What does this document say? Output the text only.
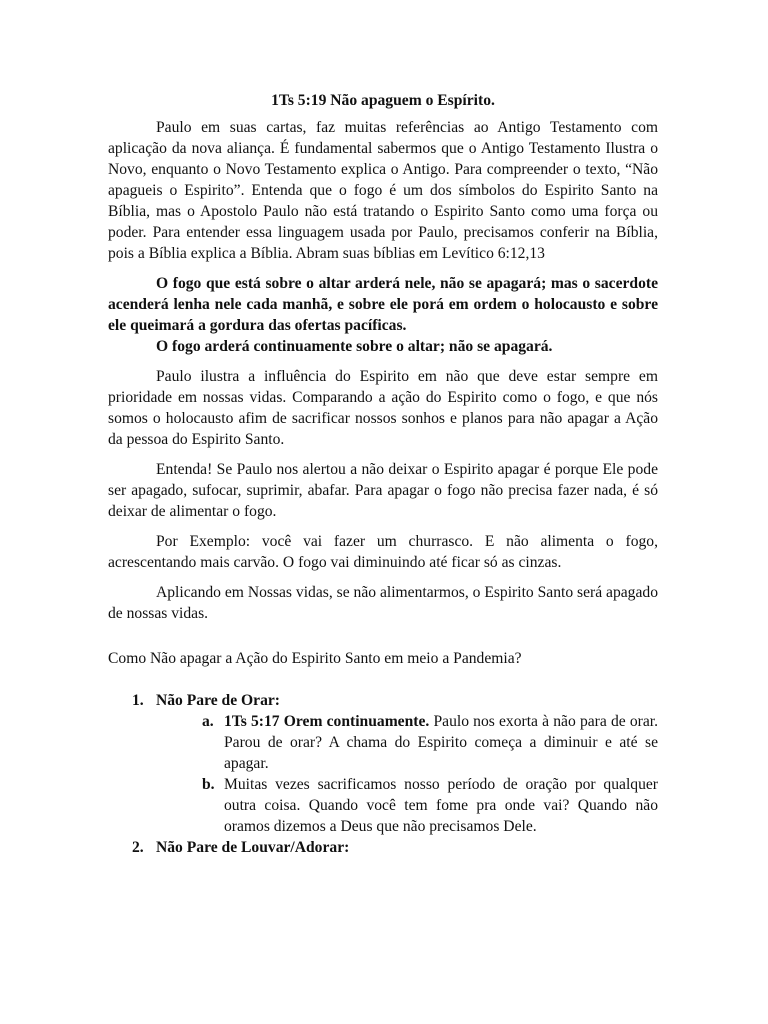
1Ts 5:19 Não apaguem o Espírito.

Paulo em suas cartas, faz muitas referências ao Antigo Testamento com aplicação da nova aliança. É fundamental sabermos que o Antigo Testamento Ilustra o Novo, enquanto o Novo Testamento explica o Antigo. Para compreender o texto, “Não apagueis o Espirito”. Entenda que o fogo é um dos símbolos do Espirito Santo na Bíblia, mas o Apostolo Paulo não está tratando o Espirito Santo como uma força ou poder. Para entender essa linguagem usada por Paulo, precisamos conferir na Bíblia, pois a Bíblia explica a Bíblia. Abram suas bíblias em Levítico 6:12,13

O fogo que está sobre o altar arderá nele, não se apagará; mas o sacerdote acenderá lenha nele cada manhã, e sobre ele porá em ordem o holocausto e sobre ele queimará a gordura das ofertas pacíficas.

O fogo arderá continuamente sobre o altar; não se apagará.

Paulo ilustra a influência do Espirito em não que deve estar sempre em prioridade em nossas vidas. Comparando a ação do Espirito como o fogo, e que nós somos o holocausto afim de sacrificar nossos sonhos e planos para não apagar a Ação da pessoa do Espirito Santo.

Entenda! Se Paulo nos alertou a não deixar o Espirito apagar é porque Ele pode ser apagado, sufocar, suprimir, abafar. Para apagar o fogo não precisa fazer nada, é só deixar de alimentar o fogo.

Por Exemplo: você vai fazer um churrasco. E não alimenta o fogo, acrescentando mais carvão. O fogo vai diminuindo até ficar só as cinzas.

Aplicando em Nossas vidas, se não alimentarmos, o Espirito Santo será apagado de nossas vidas.

Como Não apagar a Ação do Espirito Santo em meio a Pandemia?
1. Não Pare de Orar:
a. 1Ts 5:17 Orem continuamente. Paulo nos exorta à não para de orar. Parou de orar? A chama do Espirito começa a diminuir e até se apagar.
b. Muitas vezes sacrificamos nosso período de oração por qualquer outra coisa. Quando você tem fome pra onde vai? Quando não oramos dizemos a Deus que não precisamos Dele.
2. Não Pare de Louvar/Adorar:
